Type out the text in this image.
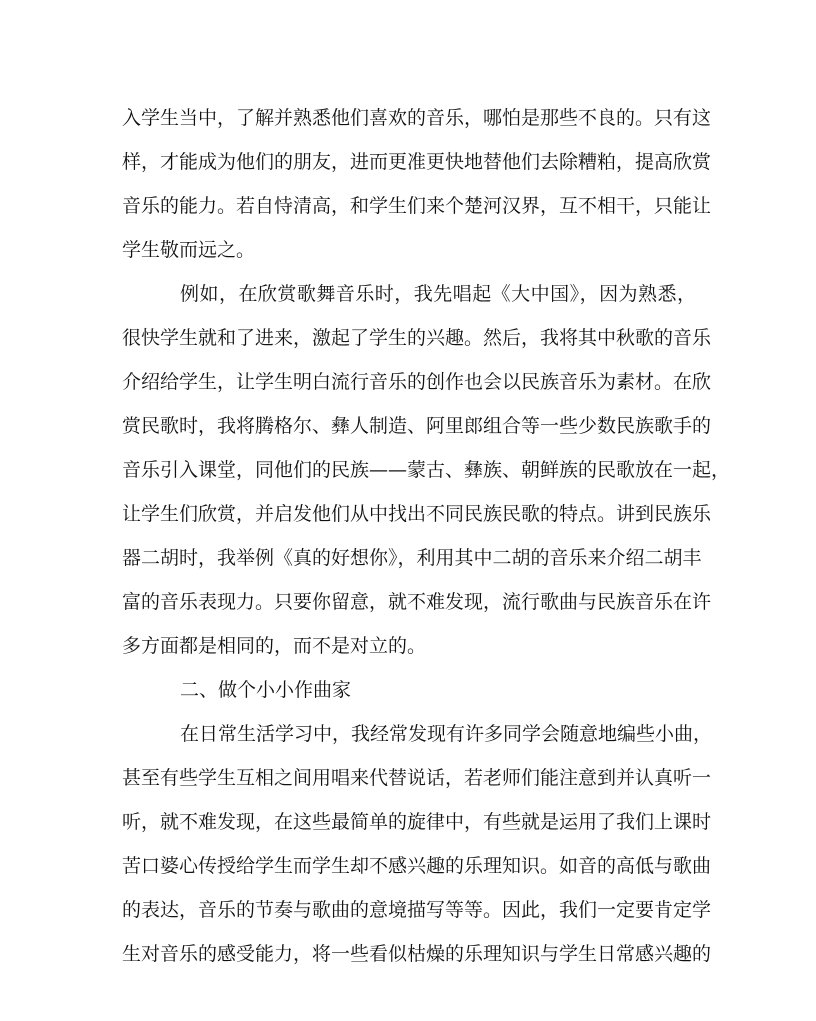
入学生当中，了解并熟悉他们喜欢的音乐，哪怕是那些不良的。只有这
样，才能成为他们的朋友，进而更准更快地替他们去除糟粕，提高欣赏
音乐的能力。若自恃清高，和学生们来个楚河汉界，互不相干，只能让
学生敬而远之。
例如，在欣赏歌舞音乐时，我先唱起《大中国》，因为熟悉，
很快学生就和了进来，激起了学生的兴趣。然后，我将其中秋歌的音乐
介绍给学生，让学生明白流行音乐的创作也会以民族音乐为素材。在欣
赏民歌时，我将腾格尔、彝人制造、阿里郎组合等一些少数民族歌手的
音乐引入课堂，同他们的民族——蒙古、彝族、朝鲜族的民歌放在一起，
让学生们欣赏，并启发他们从中找出不同民族民歌的特点。讲到民族乐
器二胡时，我举例《真的好想你》，利用其中二胡的音乐来介绍二胡丰
富的音乐表现力。只要你留意，就不难发现，流行歌曲与民族音乐在许
多方面都是相同的，而不是对立的。
二、做个小小作曲家
在日常生活学习中，我经常发现有许多同学会随意地编些小曲，
甚至有些学生互相之间用唱来代替说话，若老师们能注意到并认真听一
听，就不难发现，在这些最简单的旋律中，有些就是运用了我们上课时
苦口婆心传授给学生而学生却不感兴趣的乐理知识。如音的高低与歌曲
的表达，音乐的节奏与歌曲的意境描写等等。因此，我们一定要肯定学
生对音乐的感受能力，将一些看似枯燥的乐理知识与学生日常感兴趣的
